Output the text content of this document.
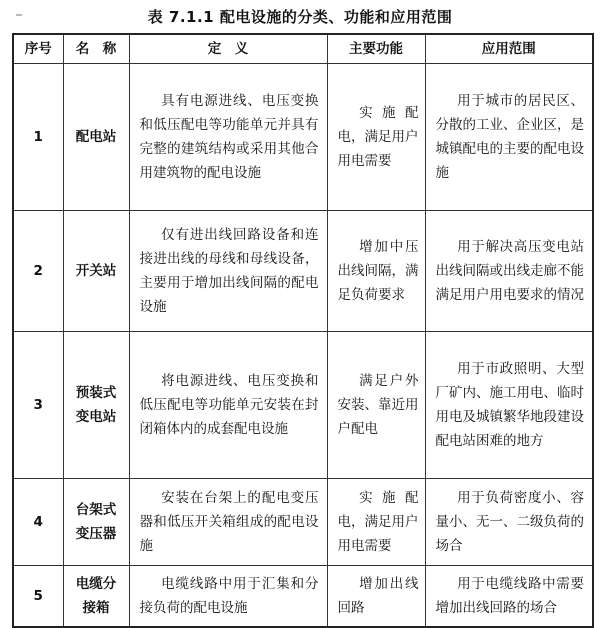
表 7.1.1 配电设施的分类、功能和应用范围
序号	名　称	定　义	主要功能	应用范围
1	配电站	具有电源进线、电压变换和低压配电等功能单元并具有完整的建筑结构或采用其他合用建筑物的配电设施	实施配电，满足用户用电需要	用于城市的居民区、分散的工业、企业区，是城镇配电的主要的配电设施
2	开关站	仅有进出线回路设备和连接进出线的母线和母线设备，主要用于增加出线间隔的配电设施	增加中压出线间隔，满足负荷要求	用于解决高压变电站出线间隔或出线走廊不能满足用户用电要求的情况
3	预装式变电站	将电源进线、电压变换和低压配电等功能单元安装在封闭箱体内的成套配电设施	满足户外安装、靠近用户配电	用于市政照明、大型厂矿内、施工用电、临时用电及城镇繁华地段建设配电站困难的地方
4	台架式变压器	安装在台架上的配电变压器和低压开关箱组成的配电设施	实施配电，满足用户用电需要	用于负荷密度小、容量小、无一、二级负荷的场合
5	电缆分接箱	电缆线路中用于汇集和分接负荷的配电设施	增加出线回路	用于电缆线路中需要增加出线回路的场合
